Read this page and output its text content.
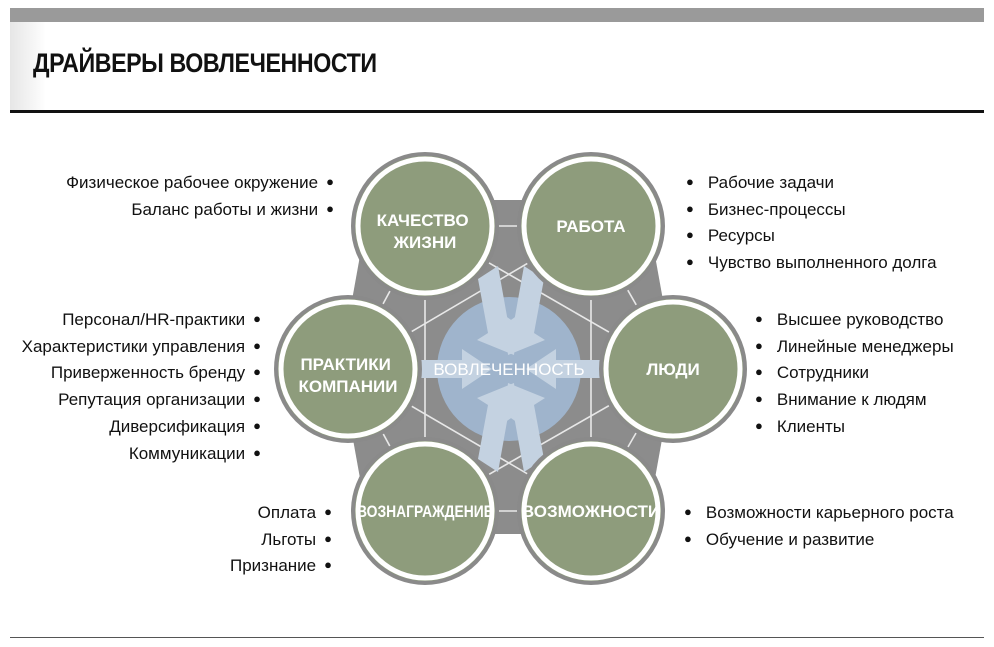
ДРАЙВЕРЫ ВОВЛЕЧЕННОСТИ
ВОВЛЕЧЕННОСТЬ
КАЧЕСТВО ЖИЗНИ
РАБОТА
ЛЮДИ
ВОЗМОЖНОСТИ
ВОЗНАГРАЖДЕНИЕ
ПРАКТИКИ КОМПАНИИ
Физическое рабочее окружение ●
Баланс работы и жизни ●
● Рабочие задачи
● Бизнес-процессы
● Ресурсы
● Чувство выполненного долга
Персонал/HR-практики ●
Характеристики управления ●
Приверженность бренду ●
Репутация организации ●
Диверсификация ●
Коммуникации ●
● Высшее руководство
● Линейные менеджеры
● Сотрудники
● Внимание к людям
● Клиенты
Оплата ●
Льготы ●
Признание ●
● Возможности карьерного роста
● Обучение и развитие
